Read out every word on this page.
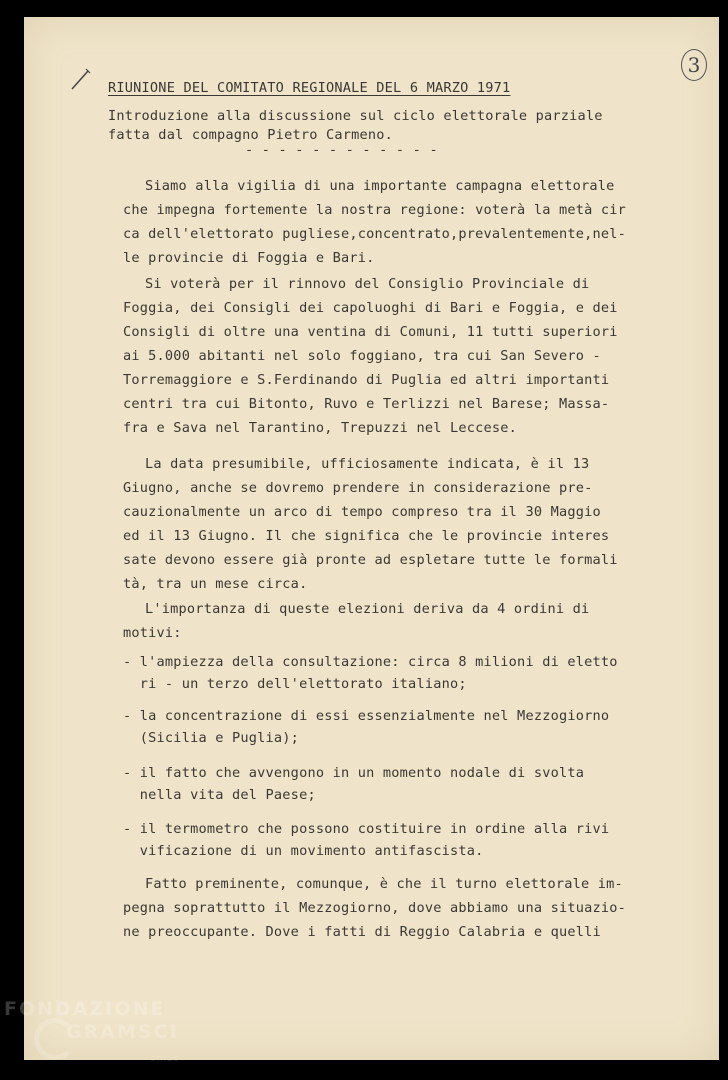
3

RIUNIONE DEL COMITATO REGIONALE DEL 6 MARZO 1971

Introduzione alla discussione sul ciclo elettorale parziale
fatta dal compagno Pietro Carmeno.

- - - - - - - - - - - -

Siamo alla vigilia di una importante campagna elettorale
che impegna fortemente la nostra regione: voterà la metà cir
ca dell'elettorato pugliese,concentrato,prevalentemente,nel-
le provincie di Foggia e Bari.

Si voterà per il rinnovo del Consiglio Provinciale di
Foggia, dei Consigli dei capoluoghi di Bari e Foggia, e dei
Consigli di oltre una ventina di Comuni, 11 tutti superiori
ai 5.000 abitanti nel solo foggiano, tra cui San Severo -
Torremaggiore e S.Ferdinando di Puglia ed altri importanti
centri tra cui Bitonto, Ruvo e Terlizzi nel Barese; Massa-
fra e Sava nel Tarantino, Trepuzzi nel Leccese.

La data presumibile, ufficiosamente indicata, è il 13
Giugno, anche se dovremo prendere in considerazione pre-
cauzionalmente un arco di tempo compreso tra il 30 Maggio
ed il 13 Giugno. Il che significa che le provincie interes
sate devono essere già pronte ad espletare tutte le formali
tà, tra un mese circa.

L'importanza di queste elezioni deriva da 4 ordini di
motivi:

- l'ampiezza della consultazione: circa 8 milioni di eletto
ri - un terzo dell'elettorato italiano;

- la concentrazione di essi essenzialmente nel Mezzogiorno
(Sicilia e Puglia);

- il fatto che avvengono in un momento nodale di svolta
nella vita del Paese;

- il termometro che possono costituire in ordine alla rivi
vificazione di un movimento antifascista.

Fatto preminente, comunque, è che il turno elettorale im-
pegna soprattutto il Mezzogiorno, dove abbiamo una situazio-
ne preoccupante. Dove i fatti di Reggio Calabria e quelli

FONDAZIONE
GRAMSCI
onlus
